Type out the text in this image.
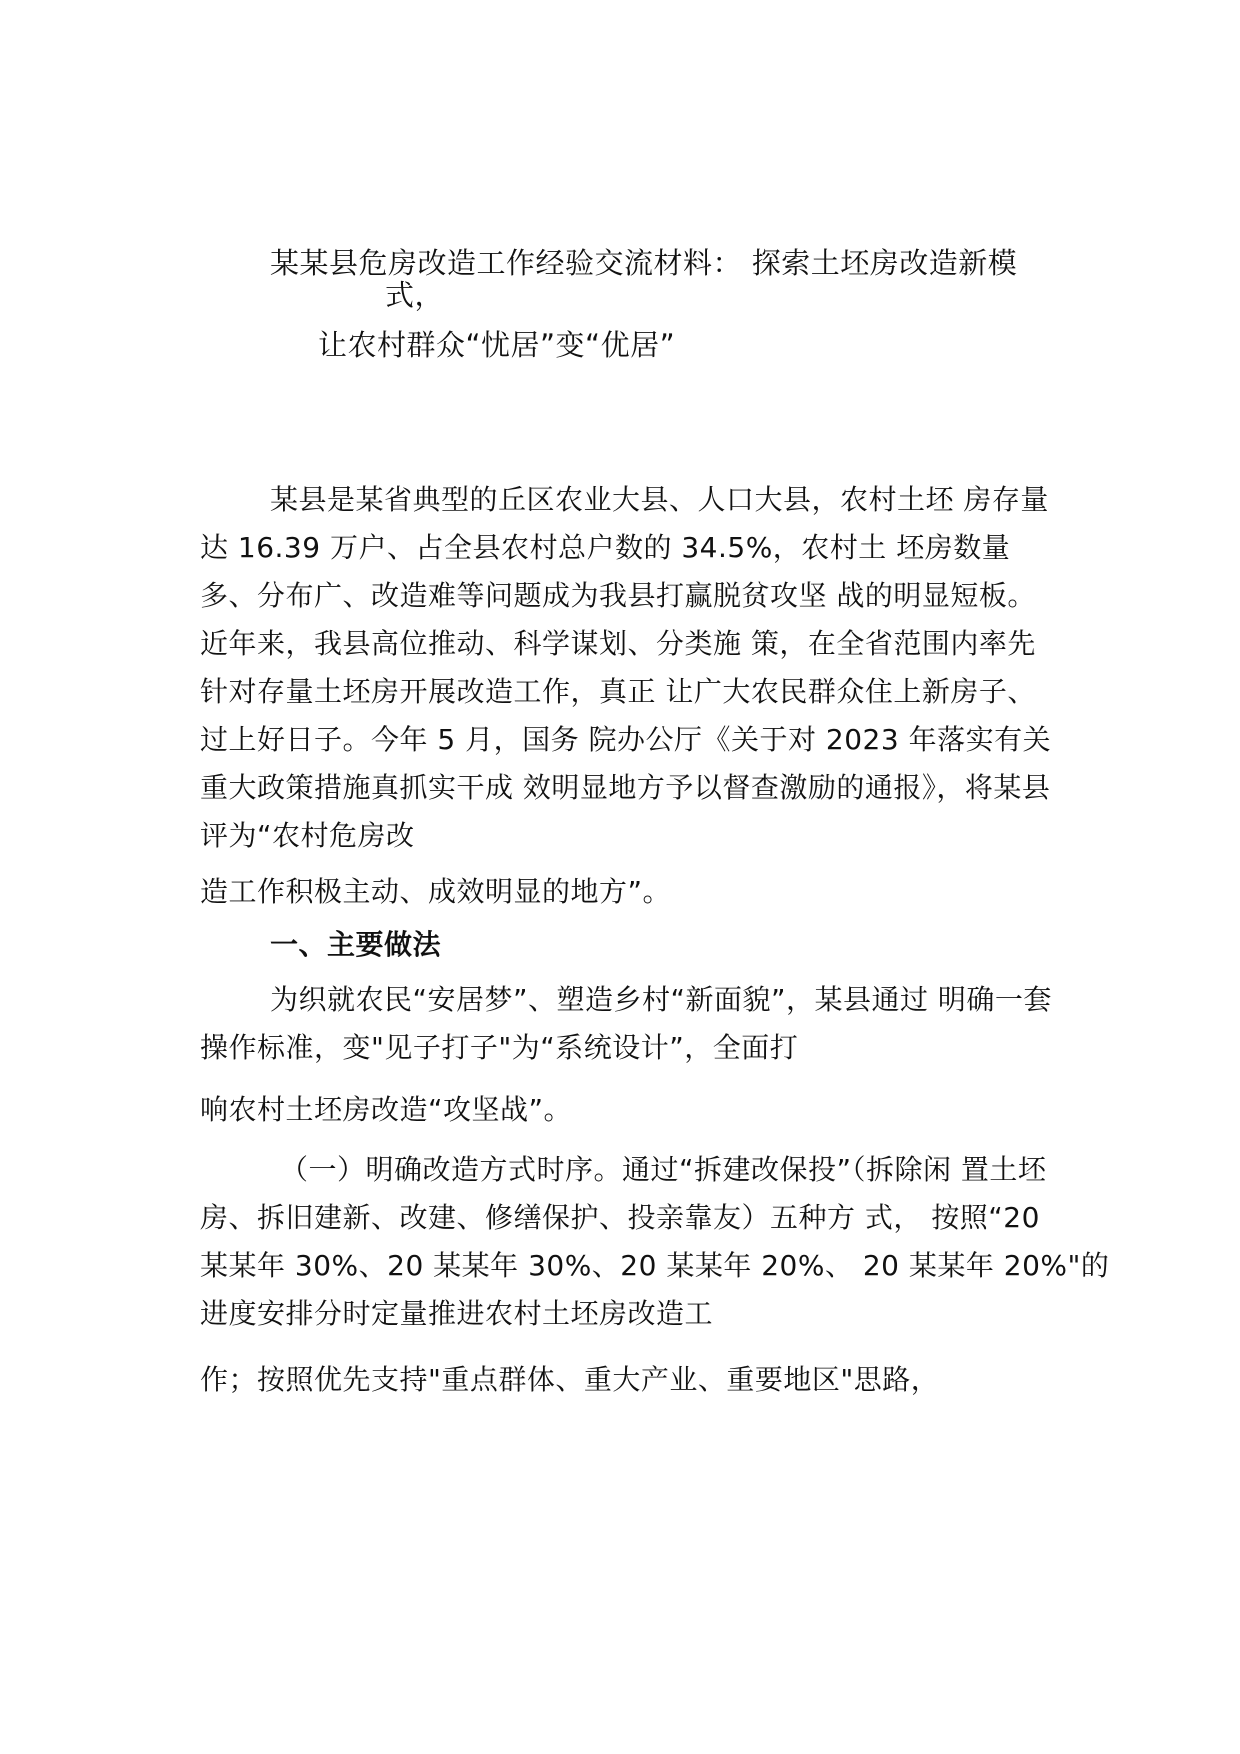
某某县危房改造工作经验交流材料： 探索土坯房改造新模
式，
让农村群众“忧居”变“优居”
某县是某省典型的丘区农业大县、人口大县，农村土坯 房存量
达 16.39 万户、占全县农村总户数的 34.5%，农村土 坯房数量
多、分布广、改造难等问题成为我县打赢脱贫攻坚 战的明显短板。
近年来，我县高位推动、科学谋划、分类施 策，在全省范围内率先
针对存量土坯房开展改造工作，真正 让广大农民群众住上新房子、
过上好日子。今年 5 月，国务 院办公厅《关于对 2023 年落实有关
重大政策措施真抓实干成 效明显地方予以督查激励的通报》，将某县
评为“农村危房改
造工作积极主动、成效明显的地方”。
一、主要做法
为织就农民“安居梦”、塑造乡村“新面貌”，某县通过 明确一套
操作标准，变"见子打子"为“系统设计”，全面打
响农村土坯房改造“攻坚战”。
（一）明确改造方式时序。通过“拆建改保投”（拆除闲 置土坯
房、拆旧建新、改建、修缮保护、投亲靠友）五种方 式， 按照“20
某某年 30%、20 某某年 30%、20 某某年 20%、 20 某某年 20%"的
进度安排分时定量推进农村土坯房改造工
作；按照优先支持"重点群体、重大产业、重要地区"思路，
